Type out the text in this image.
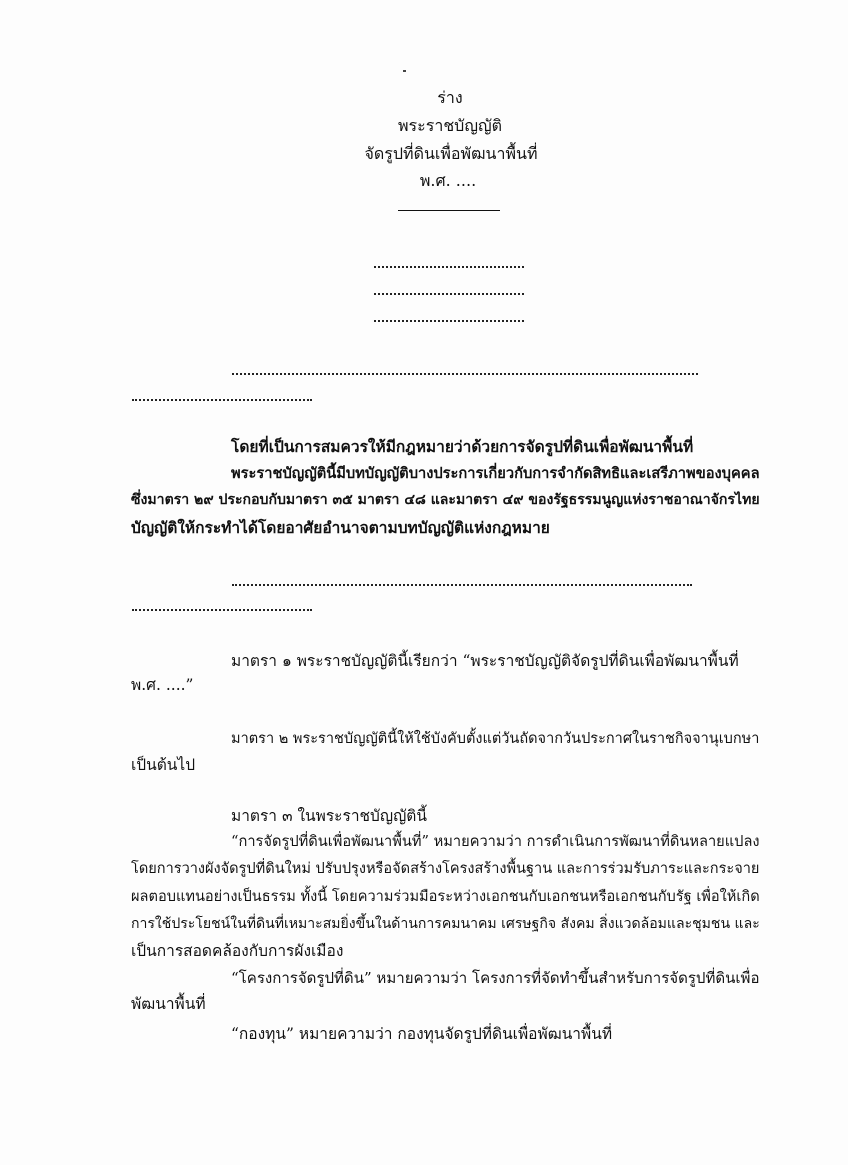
ร่าง
พระราชบัญญัติ
จัดรูปที่ดินเพื่อพัฒนาพื้นที่
พ.ศ. ....
โดยที่เป็นการสมควรให้มีกฎหมายว่าด้วยการจัดรูปที่ดินเพื่อพัฒนาพื้นที่
พระราชบัญญัตินี้มีบทบัญญัติบางประการเกี่ยวกับการจำกัดสิทธิและเสรีภาพของบุคคล
ซึ่งมาตรา ๒๙ ประกอบกับมาตรา ๓๕ มาตรา ๔๘ และมาตรา ๔๙ ของรัฐธรรมนูญแห่งราชอาณาจักรไทย
บัญญัติให้กระทำได้โดยอาศัยอำนาจตามบทบัญญัติแห่งกฎหมาย
มาตรา ๑ พระราชบัญญัตินี้เรียกว่า “พระราชบัญญัติจัดรูปที่ดินเพื่อพัฒนาพื้นที่
พ.ศ. ....”
มาตรา ๒ พระราชบัญญัตินี้ให้ใช้บังคับตั้งแต่วันถัดจากวันประกาศในราชกิจจานุเบกษา
เป็นต้นไป
มาตรา ๓ ในพระราชบัญญัตินี้
“การจัดรูปที่ดินเพื่อพัฒนาพื้นที่” หมายความว่า การดำเนินการพัฒนาที่ดินหลายแปลง
โดยการวางผังจัดรูปที่ดินใหม่ ปรับปรุงหรือจัดสร้างโครงสร้างพื้นฐาน และการร่วมรับภาระและกระจาย
ผลตอบแทนอย่างเป็นธรรม ทั้งนี้ โดยความร่วมมือระหว่างเอกชนกับเอกชนหรือเอกชนกับรัฐ เพื่อให้เกิด
การใช้ประโยชน์ในที่ดินที่เหมาะสมยิ่งขึ้นในด้านการคมนาคม เศรษฐกิจ สังคม สิ่งแวดล้อมและชุมชน และ
เป็นการสอดคล้องกับการผังเมือง
“โครงการจัดรูปที่ดิน” หมายความว่า โครงการที่จัดทำขึ้นสำหรับการจัดรูปที่ดินเพื่อ
พัฒนาพื้นที่
“กองทุน” หมายความว่า กองทุนจัดรูปที่ดินเพื่อพัฒนาพื้นที่
